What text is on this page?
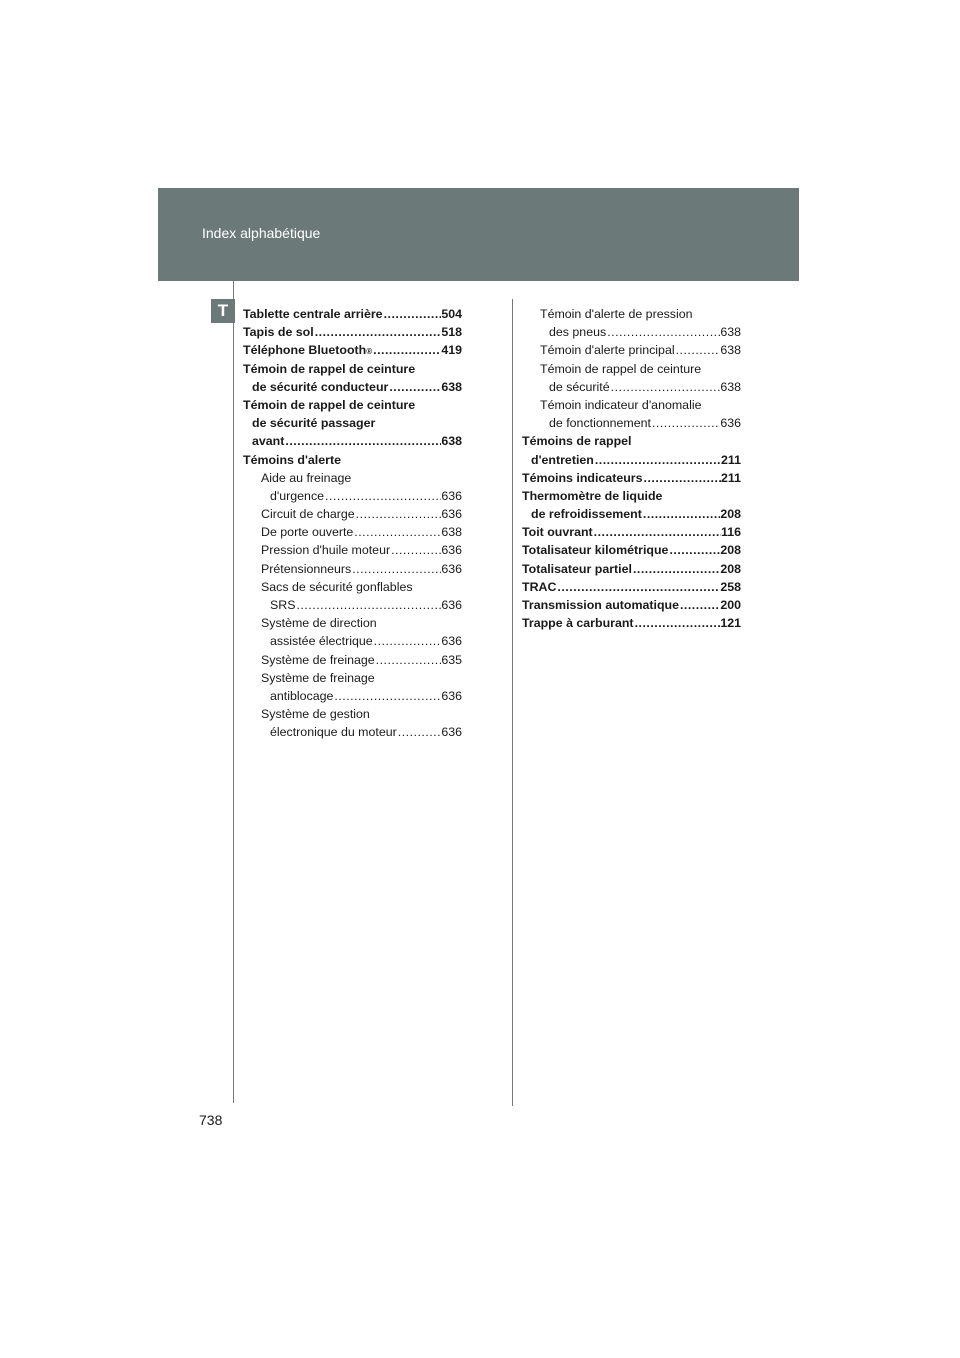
Index alphabétique
T	Tablette centrale arrière .....	504
Tapis de sol .....	518
Téléphone Bluetooth ® .....	419
Témoin de rappel de ceinture
de sécurité conducteur .....	638
Témoin de rappel de ceinture
de sécurité passager
avant .....	638
Témoins d'alerte
Aide au freinage
d'urgence .....	636
Circuit de charge .....	636
De porte ouverte .....	638
Pression d'huile moteur .....	636
Prétensionneurs .....	636
Sacs de sécurité gonflables
SRS .....	636
Système de direction
assistée électrique .....	636
Système de freinage .....	635
Système de freinage
antiblocage .....	636
Système de gestion
électronique du moteur .....	636
Témoin d'alerte de pression
des pneus .....	638
Témoin d'alerte principal .....	638
Témoin de rappel de ceinture
de sécurité .....	638
Témoin indicateur d'anomalie
de fonctionnement .....	636
Témoins de rappel
d'entretien .....	211
Témoins indicateurs .....	211
Thermomètre de liquide
de refroidissement .....	208
Toit ouvrant .....	116
Totalisateur kilométrique .....	208
Totalisateur partiel .....	208
TRAC .....	258
Transmission automatique .....	200
Trappe à carburant .....	121
738
